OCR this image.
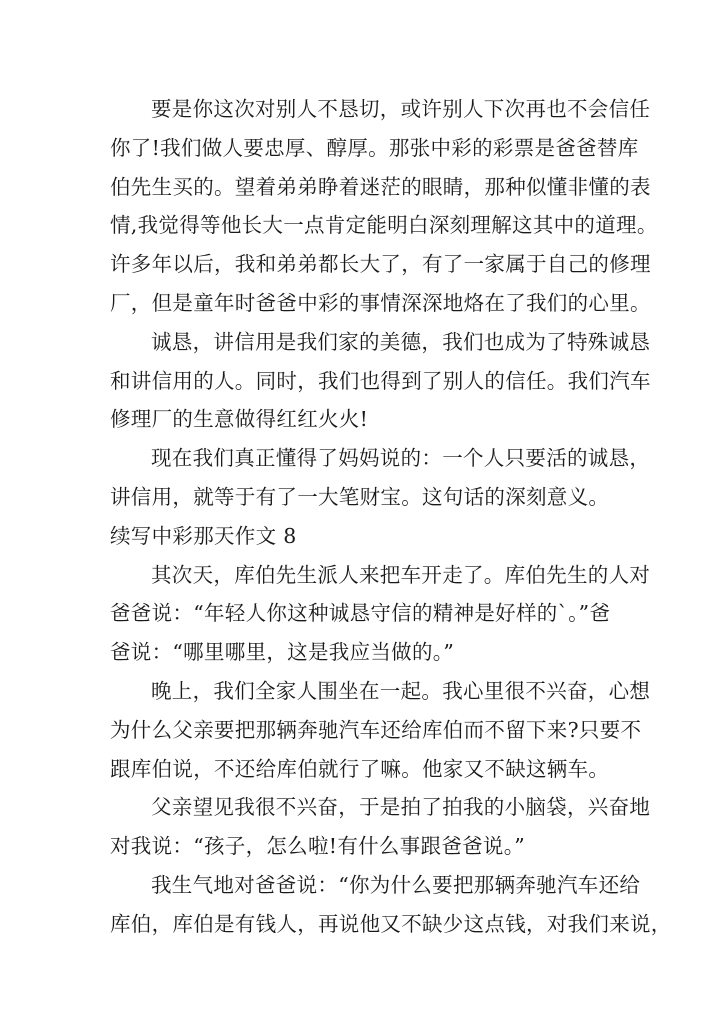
要是你这次对别人不恳切，或许别人下次再也不会信任
你了!我们做人要忠厚、醇厚。那张中彩的彩票是爸爸替库
伯先生买的。望着弟弟睁着迷茫的眼睛，那种似懂非懂的表
情,我觉得等他长大一点肯定能明白深刻理解这其中的道理。
许多年以后，我和弟弟都长大了，有了一家属于自己的修理
厂，但是童年时爸爸中彩的事情深深地烙在了我们的心里。
诚恳，讲信用是我们家的美德，我们也成为了特殊诚恳
和讲信用的人。同时，我们也得到了别人的信任。我们汽车
修理厂的生意做得红红火火!
现在我们真正懂得了妈妈说的：一个人只要活的诚恳，
讲信用，就等于有了一大笔财宝。这句话的深刻意义。
续写中彩那天作文 8
其次天，库伯先生派人来把车开走了。库伯先生的人对
爸爸说：“年轻人你这种诚恳守信的精神是好样的`。”爸
爸说：“哪里哪里，这是我应当做的。”
晚上，我们全家人围坐在一起。我心里很不兴奋，心想
为什么父亲要把那辆奔驰汽车还给库伯而不留下来?只要不
跟库伯说，不还给库伯就行了嘛。他家又不缺这辆车。
父亲望见我很不兴奋，于是拍了拍我的小脑袋，兴奋地
对我说：“孩子，怎么啦!有什么事跟爸爸说。”
我生气地对爸爸说：“你为什么要把那辆奔驰汽车还给
库伯，库伯是有钱人，再说他又不缺少这点钱，对我们来说，
